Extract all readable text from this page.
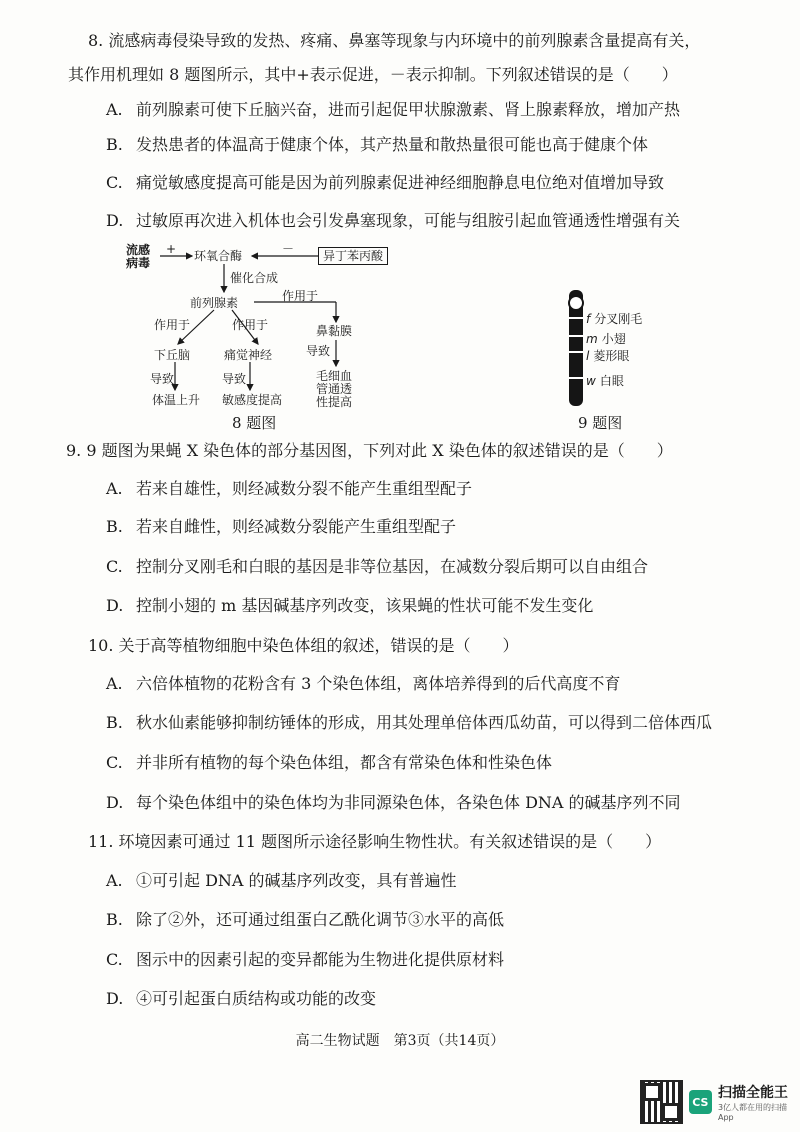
8. 流感病毒侵染导致的发热、疼痛、鼻塞等现象与内环境中的前列腺素含量提高有关，
其作用机理如 8 题图所示，其中+表示促进，－表示抑制。下列叙述错误的是（　　）
A. 前列腺素可使下丘脑兴奋，进而引起促甲状腺激素、肾上腺素释放，增加产热
B. 发热患者的体温高于健康个体，其产热量和散热量很可能也高于健康个体
C. 痛觉敏感度提高可能是因为前列腺素促进神经细胞静息电位绝对值增加导致
D. 过敏原再次进入机体也会引发鼻塞现象，可能与组胺引起血管通透性增强有关
流感
病毒
+ 环氧合酶	－	异丁苯丙酸
催化合成
前列腺素	作用于
作用于	作用于	鼻黏膜
下丘脑	痛觉神经	导致
导致	导致	毛细血
管通透
性提高
体温上升 敏感度提高
8 题图
f 分叉刚毛
m 小翅
l 菱形眼
w 白眼
9 题图
9. 9 题图为果蝇 X 染色体的部分基因图，下列对此 X 染色体的叙述错误的是（　　）
A. 若来自雄性，则经减数分裂不能产生重组型配子
B. 若来自雌性，则经减数分裂能产生重组型配子
C. 控制分叉刚毛和白眼的基因是非等位基因，在减数分裂后期可以自由组合
D. 控制小翅的 m 基因碱基序列改变，该果蝇的性状可能不发生变化
10. 关于高等植物细胞中染色体组的叙述，错误的是（　　）
A. 六倍体植物的花粉含有 3 个染色体组，离体培养得到的后代高度不育
B. 秋水仙素能够抑制纺锤体的形成，用其处理单倍体西瓜幼苗，可以得到二倍体西瓜
C. 并非所有植物的每个染色体组，都含有常染色体和性染色体
D. 每个染色体组中的染色体均为非同源染色体，各染色体 DNA 的碱基序列不同
11. 环境因素可通过 11 题图所示途径影响生物性状。有关叙述错误的是（　　）
A. ①可引起 DNA 的碱基序列改变，具有普遍性
B. 除了②外，还可通过组蛋白乙酰化调节③水平的高低
C. 图示中的因素引起的变异都能为生物进化提供原材料
D. ④可引起蛋白质结构或功能的改变
高二生物试题　第3页（共14页）
CS
扫描全能王
3亿人都在用的扫描App
